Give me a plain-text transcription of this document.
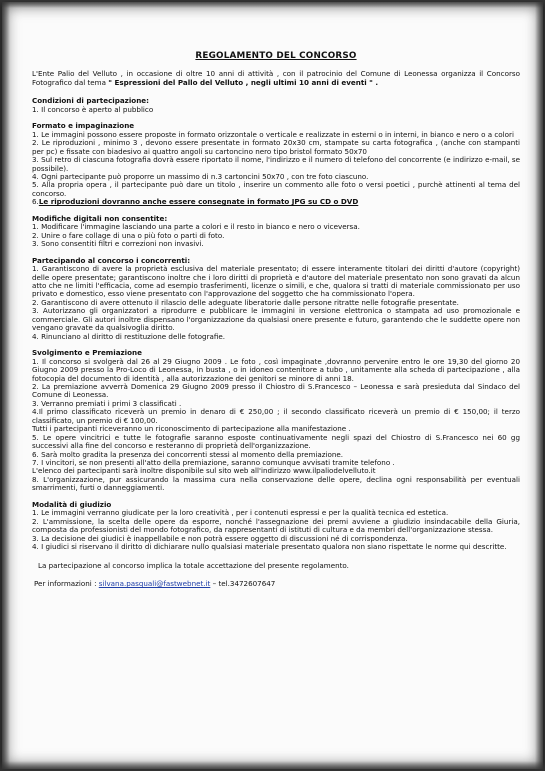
REGOLAMENTO DEL CONCORSO

L'Ente Palio del Velluto , in occasione di oltre 10 anni di attività , con il patrocinio del Comune di Leonessa organizza il Concorso Fotografico dal tema " Espressioni del Pallo del Velluto , negli ultimi 10 anni di eventi " .

Condizioni di partecipazione:

1. Il concorso è aperto al pubblico

Formato e impaginazione

1. Le immagini possono essere proposte in formato orizzontale o verticale e realizzate in esterni o in interni, in bianco e nero o a colori

2. Le riproduzioni , minimo 3 , devono essere presentate in formato 20x30 cm, stampate su carta fotografica , (anche con stampanti per pc) e fissate con biadesivo ai quattro angoli su cartoncino nero tipo bristol formato 50x70

3. Sul retro di ciascuna fotografia dovrà essere riportato il nome, l'indirizzo e il numero di telefono del concorrente (e indirizzo e-mail, se possibile).

4. Ogni partecipante può proporre un massimo di n.3 cartoncini 50x70 , con tre foto ciascuno.

5. Alla propria opera , il partecipante può dare un titolo , inserire un commento alle foto o versi poetici , purchè attinenti al tema del concorso.

6.Le riproduzioni dovranno anche essere consegnate in formato JPG su CD o DVD

Modifiche digitali non consentite:

1. Modificare l'immagine lasciando una parte a colori e il resto in bianco e nero o viceversa.

2. Unire o fare collage di una o più foto o parti di foto.

3. Sono consentiti filtri e correzioni non invasivi.

Partecipando al concorso i concorrenti:

1. Garantiscono di avere la proprietà esclusiva del materiale presentato; di essere interamente titolari dei diritti d'autore (copyright) delle opere presentate; garantiscono inoltre che i loro diritti di proprietà e d'autore del materiale presentato non sono gravati da alcun atto che ne limiti l'efficacia, come ad esempio trasferimenti, licenze o simili, e che, qualora si tratti di materiale commissionato per uso privato e domestico, esso viene presentato con l'approvazione del soggetto che ha commissionato l'opera.

2. Garantiscono di avere ottenuto il rilascio delle adeguate liberatorie dalle persone ritratte nelle fotografie presentate.

3. Autorizzano gli organizzatori a riprodurre e pubblicare le immagini in versione elettronica o stampata ad uso promozionale e commerciale. Gli autori inoltre dispensano l'organizzazione da qualsiasi onere presente e futuro, garantendo che le suddette opere non vengano gravate da qualsivoglia diritto.

4. Rinunciano al diritto di restituzione delle fotografie.

Svolgimento e Premiazione

1. Il concorso si svolgerà dal 26 al 29 Giugno 2009 . Le foto , così impaginate ,dovranno pervenire entro le ore 19,30 del giorno 20 Giugno 2009 presso la Pro-Loco di Leonessa, in busta , o in idoneo contenitore a tubo , unitamente alla scheda di partecipazione , alla fotocopia del documento di identità , alla autorizzazione dei genitori se minore di anni 18.

2. La premiazione avverrà Domenica 29 Giugno 2009 presso il Chiostro di S.Francesco – Leonessa e sarà presieduta dal Sindaco del Comune di Leonessa.

3. Verranno premiati i primi 3 classificati .

4.Il primo classificato riceverà un premio in denaro di € 250,00 ; il secondo classificato riceverà un premio di € 150,00; il terzo classificato, un premio di € 100,00.

Tutti i partecipanti riceveranno un riconoscimento di partecipazione alla manifestazione .

5. Le opere vincitrici e tutte le fotografie saranno esposte continuativamente negli spazi del Chiostro di S.Francesco nei 60 gg successivi alla fine del concorso e resteranno di proprietà dell'organizzazione.

6. Sarà molto gradita la presenza dei concorrenti stessi al momento della premiazione.

7. I vincitori, se non presenti all'atto della premiazione, saranno comunque avvisati tramite telefono .

L'elenco dei partecipanti sarà inoltre disponibile sul sito web all'indirizzo www.ilpaliodelvelluto.it

8. L'organizzazione, pur assicurando la massima cura nella conservazione delle opere, declina ogni responsabilità per eventuali smarrimenti, furti o danneggiamenti.

Modalità di giudizio

1. Le immagini verranno giudicate per la loro creatività , per i contenuti espressi e per la qualità tecnica ed estetica.

2. L'ammissione, la scelta delle opere da esporre, nonché l'assegnazione dei premi avviene a giudizio insindacabile della Giuria, composta da professionisti del mondo fotografico, da rappresentanti di istituti di cultura e da membri dell'organizzazione stessa.

3. La decisione dei giudici è inappellabile e non potrà essere oggetto di discussioni né di corrispondenza.

4. I giudici si riservano il diritto di dichiarare nullo qualsiasi materiale presentato qualora non siano rispettate le norme qui descritte.

La partecipazione al concorso implica la totale accettazione del presente regolamento.

Per informazioni : silvana.pasquali@fastwebnet.it – tel.3472607647
